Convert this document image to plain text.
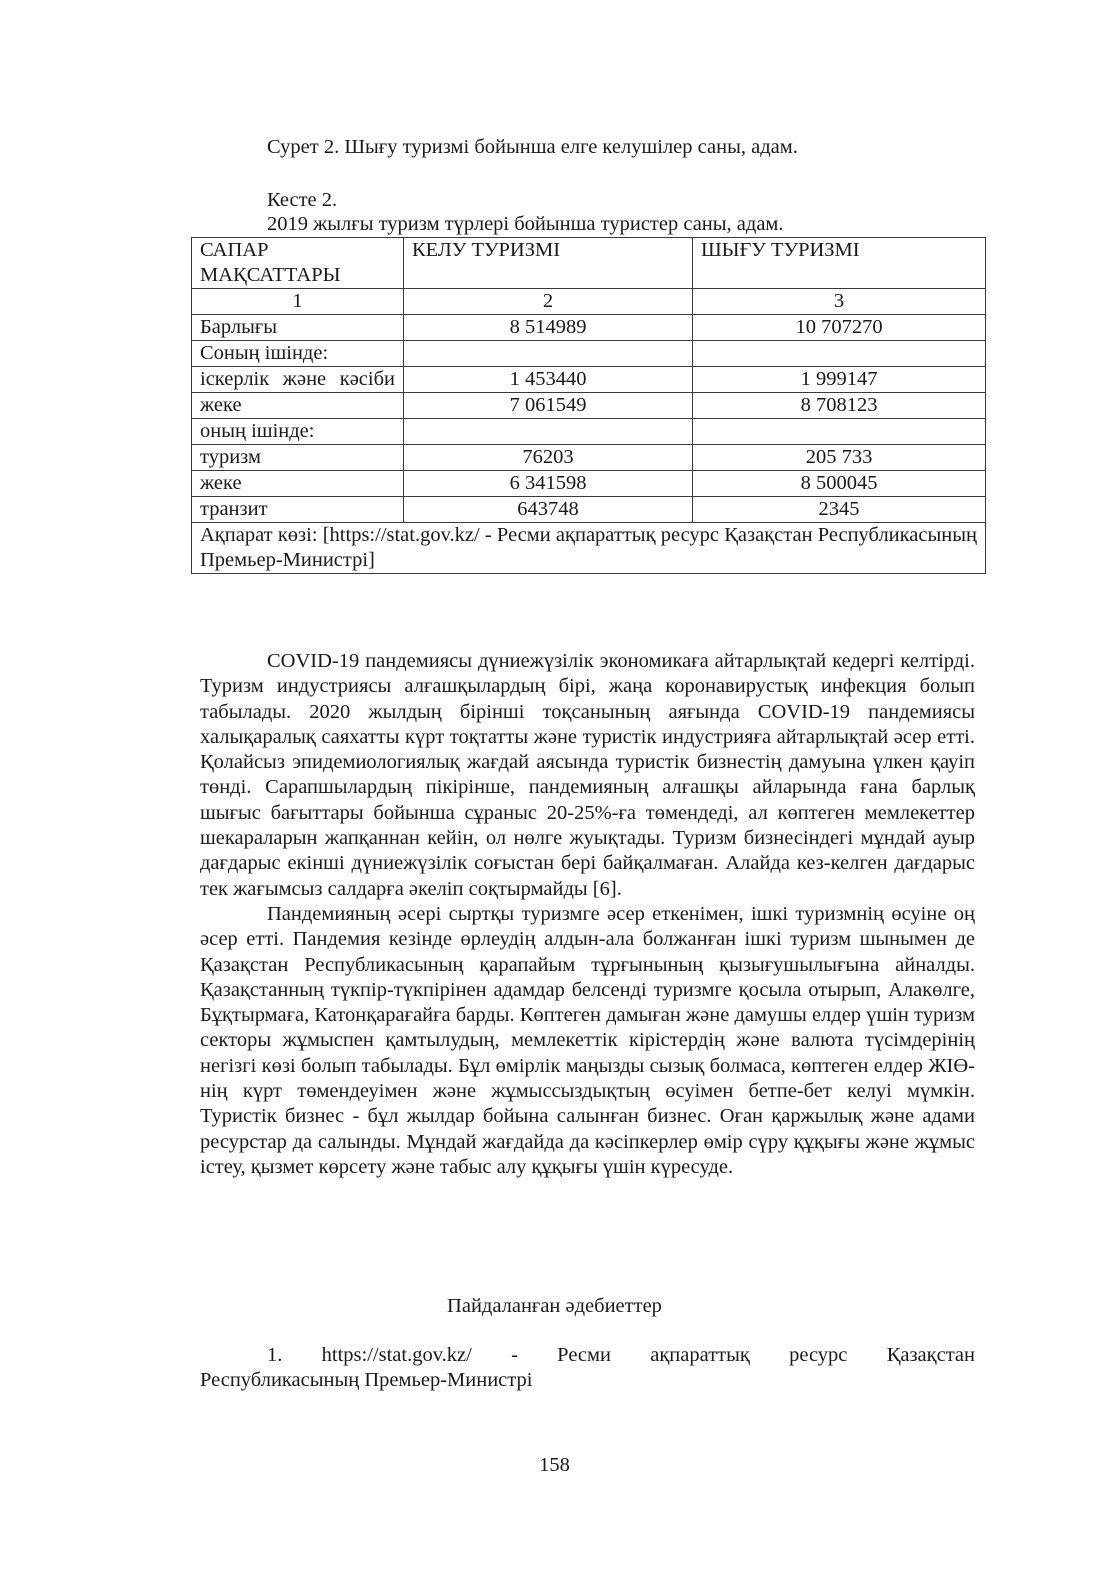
Сурет 2. Шығу туризмі бойынша елге келушілер саны, адам.
Кесте 2.
2019 жылғы туризм түрлері бойынша туристер саны, адам.
САПАР МАҚСАТТАРЫ	КЕЛУ ТУРИЗМІ	ШЫҒУ ТУРИЗМІ
1	2	3
Барлығы	8 514989	10 707270
Соның ішінде:		
іскерлік және кәсіби	1 453440	1 999147
жеке	7 061549	8 708123
оның ішінде:		
туризм	76203	205 733
жеке	6 341598	8 500045
транзит	643748	2345
Ақпарат көзі: [https://stat.gov.kz/ - Ресми ақпараттық ресурс Қазақстан Республикасының Премьер-Министрі]		

COVID-19 пандемиясы дүниежүзілік экономикаға айтарлықтай кедергі келтірді. Туризм индустриясы алғашқылардың бірі, жаңа коронавирустық инфекция болып табылады. 2020 жылдың бірінші тоқсанының аяғында COVID-19 пандемиясы халықаралық саяхатты күрт тоқтатты және туристік индустрияға айтарлықтай әсер етті. Қолайсыз эпидемиологиялық жағдай аясында туристік бизнестің дамуына үлкен қауіп төнді. Сарапшылардың пікірінше, пандемияның алғашқы айларында ғана барлық шығыс бағыттары бойынша сұраныс 20-25%-ға төмендеді, ал көптеген мемлекеттер шекараларын жапқаннан кейін, ол нөлге жуықтады. Туризм бизнесіндегі мұндай ауыр дағдарыс екінші дүниежүзілік соғыстан бері байқалмаған. Алайда кез-келген дағдарыс тек жағымсыз салдарға әкеліп соқтырмайды [6].

Пандемияның әсері сыртқы туризмге әсер еткенімен, ішкі туризмнің өсуіне оң әсер етті. Пандемия кезінде өрлеудің алдын-ала болжанған ішкі туризм шынымен де Қазақстан Республикасының қарапайым тұрғынының қызығушылығына айналды. Қазақстанның түкпір-түкпірінен адамдар белсенді туризмге қосыла отырып, Алакөлге, Бұқтырмаға, Катонқарағайға барды. Көптеген дамыған және дамушы елдер үшін туризм секторы жұмыспен қамтылудың, мемлекеттік кірістердің және валюта түсімдерінің негізгі көзі болып табылады. Бұл өмірлік маңызды сызық болмаса, көптеген елдер ЖІӨ-нің күрт төмендеуімен және жұмыссыздықтың өсуімен бетпе-бет келуі мүмкін. Туристік бизнес - бұл жылдар бойына салынған бизнес. Оған қаржылық және адами ресурстар да салынды. Мұндай жағдайда да кәсіпкерлер өмір сүру құқығы және жұмыс істеу, қызмет көрсету және табыс алу құқығы үшін күресуде.

Пайдаланған әдебиеттер
1. https://stat.gov.kz/ - Ресми ақпараттық ресурс Қазақстан
Республикасының Премьер-Министрі
158
